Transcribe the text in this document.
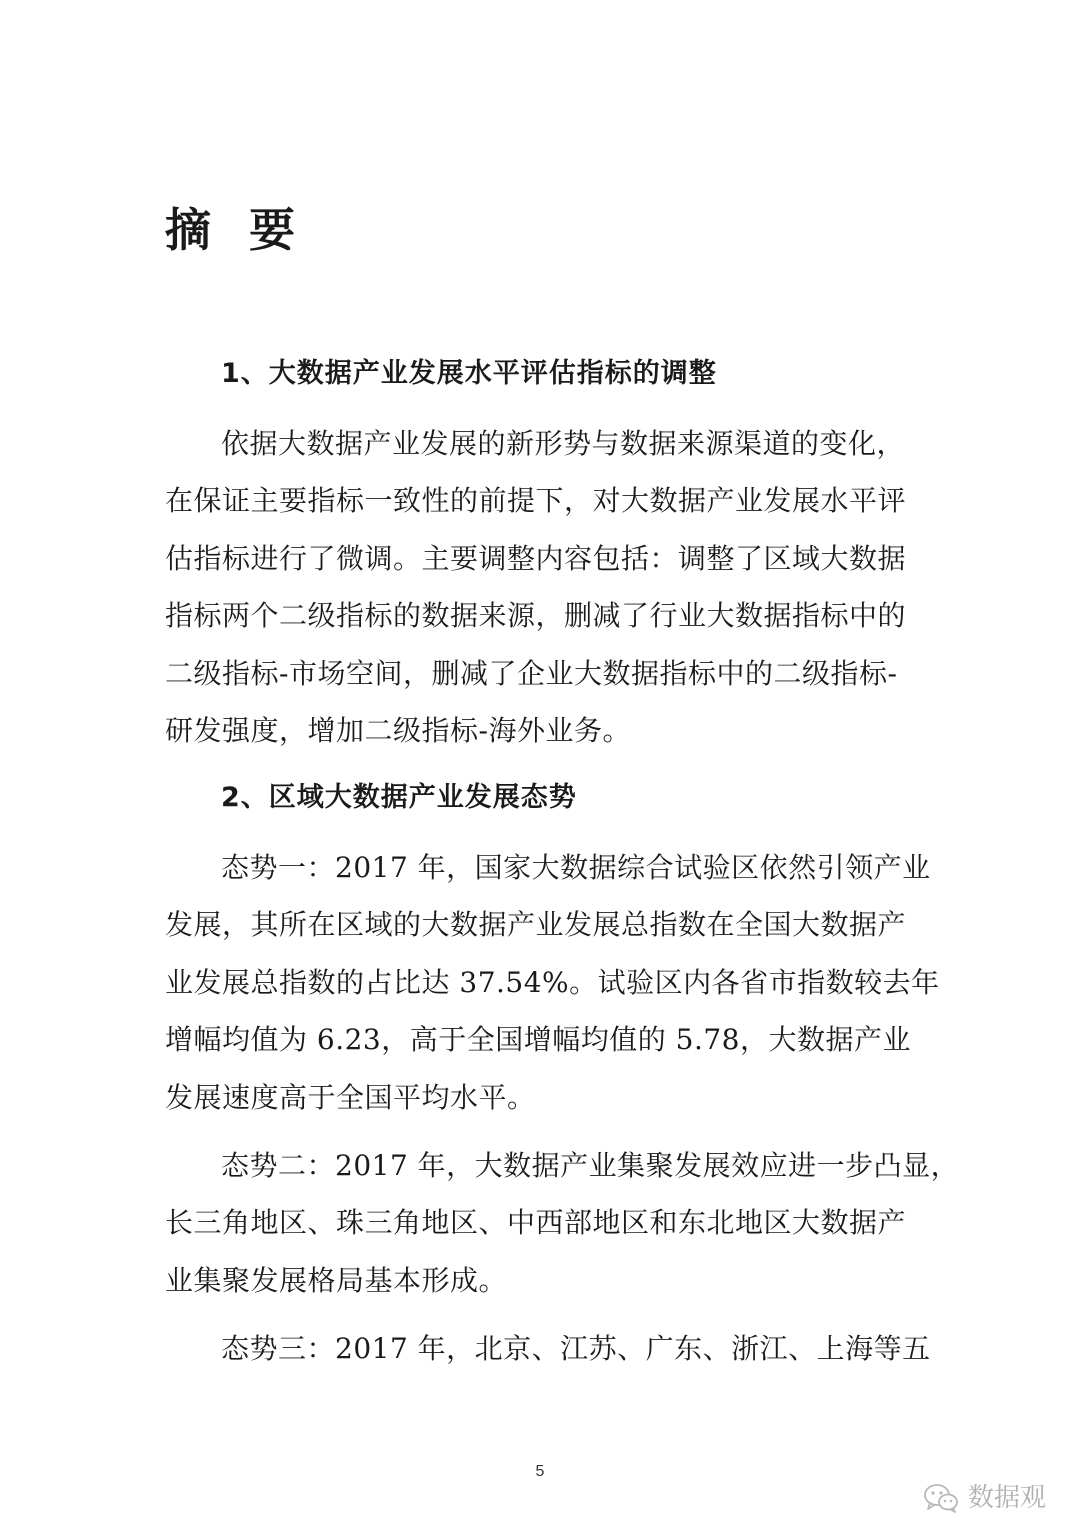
摘  要
1、大数据产业发展水平评估指标的调整
依据大数据产业发展的新形势与数据来源渠道的变化，
在保证主要指标一致性的前提下，对大数据产业发展水平评
估指标进行了微调。主要调整内容包括：调整了区域大数据
指标两个二级指标的数据来源，删减了行业大数据指标中的
二级指标-市场空间，删减了企业大数据指标中的二级指标-
研发强度，增加二级指标-海外业务。
2、区域大数据产业发展态势
态势一：2017 年，国家大数据综合试验区依然引领产业
发展，其所在区域的大数据产业发展总指数在全国大数据产
业发展总指数的占比达 37.54%。试验区内各省市指数较去年
增幅均值为 6.23，高于全国增幅均值的 5.78，大数据产业
发展速度高于全国平均水平。
态势二：2017 年，大数据产业集聚发展效应进一步凸显，
长三角地区、珠三角地区、中西部地区和东北地区大数据产
业集聚发展格局基本形成。
态势三：2017 年，北京、江苏、广东、浙江、上海等五
5
数据观
